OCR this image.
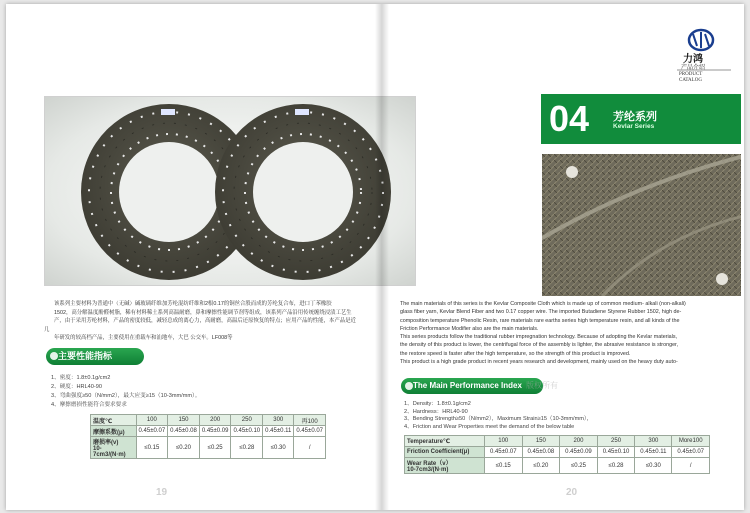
该系列主要材料为普通中（无碱）碱玻璃纤维加芳纶混纺纤维和2根0.17的铜丝合股而成的芳纶复合布，进口丁苯橡胶
1502，高分解温度酚醛树脂，稀有材料稀土系列高温耐磨，鼻和摩擦性能调节剂等组成，该系列产品沿用传统缠绕浸渍工艺生
产，由于采用芳纶材料，产品的密度较低，减轻总成的离心力，高耐磨，高温后还原恢复的特点；应用产品的性能，本产品是近几
年研发的较高档产品，主要使用在重载车和汕地车，大巴 公交车。LF008等
主要性能指标
1、密度：1.8±0.1g/cm2
2、硬度：HRL40-90
3、弯曲强度≥50（N/mm2），最大应变≥15（10-3mm/mm）。
4、摩擦磨损性能符合要求要求
温度℃	100	150	200	250	300	再100
摩擦系数(μ)	0.45±0.07	0.45±0.08	0.45±0.09	0.45±0.10	0.45±0.11	0.45±0.07

磨损率(v)
10-7cm3/(N·m)	≤0.15	≤0.20	≤0.25	≤0.28	≤0.30	/
19
力鸿
产品介绍
PRODUCT CATALOG
04 芳纶系列
Kevlar Series
The main materials of this series is the Kevlar Composite Cloth which is made up of common medium- alkali (non-alkali)
glass fiber yarn, Kevlar Blend Fiber and two 0.17 copper wire. The imported Butadiene Styrene Rubber 1502, high de-
composition temperature Phenolic Resin, rare materials rare earths series high temperature resin, and all kinds of the
Friction Performance Modifier also are the main materials.
This series products follow the traditional rubber impregnation technology. Because of adopting the Kevlar materials,
the density of this product is lower, the centrifugal force of the assembly is lighter, the abrasive resistance is stronger,
the restore speed is faster after the high temperature, so the strength of this product is improved.
This product is a high grade product in recent years research and development, mainly used on the heavy duty auto-
The Main Performance Index 版权所有
1、Density：1.8±0.1g/cm2
2、Hardness：HRL40-90
3、Bending Strength≥50（N/mm2），Maximum Strain≥15（10-3mm/mm），
4、Friction and Wear Properties meet the demand of the below table
Temperature℃	100	150	200	250	300	More100
Friction Coefficient(μ)	0.45±0.07	0.45±0.08	0.45±0.09	0.45±0.10	0.45±0.11	0.45±0.07

Wear Rate（v）
10-7cm3/(N·m)	≤0.15	≤0.20	≤0.25	≤0.28	≤0.30	/
20
